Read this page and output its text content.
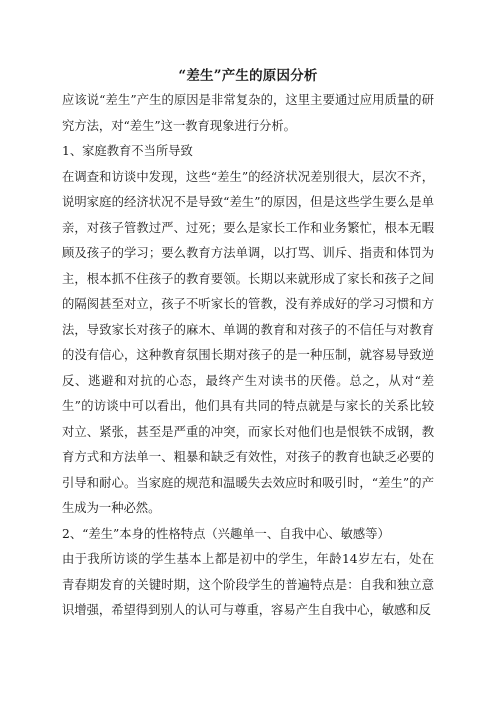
“差生”产生的原因分析

应该说“差生”产生的原因是非常复杂的，这里主要通过应用质量的研究方法，对“差生”这一教育现象进行分析。

1、家庭教育不当所导致

在调查和访谈中发现，这些“差生”的经济状况差别很大，层次不齐，说明家庭的经济状况不是导致“差生”的原因，但是这些学生要么是单亲，对孩子管教过严、过死；要么是家长工作和业务繁忙，根本无暇顾及孩子的学习；要么教育方法单调，以打骂、训斥、指责和体罚为主，根本抓不住孩子的教育要领。长期以来就形成了家长和孩子之间的隔阂甚至对立，孩子不听家长的管教，没有养成好的学习习惯和方法，导致家长对孩子的麻木、单调的教育和对孩子的不信任与对教育的没有信心，这种教育氛围长期对孩子的是一种压制，就容易导致逆反、逃避和对抗的心态，最终产生对读书的厌倦。总之，从对“差生”的访谈中可以看出，他们具有共同的特点就是与家长的关系比较对立、紧张，甚至是严重的冲突，而家长对他们也是恨铁不成钢，教育方式和方法单一、粗暴和缺乏有效性，对孩子的教育也缺乏必要的引导和耐心。当家庭的规范和温暖失去效应时和吸引时，“差生”的产生成为一种必然。

2、“差生”本身的性格特点（兴趣单一、自我中心、敏感等）

由于我所访谈的学生基本上都是初中的学生，年龄14岁左右，处在青春期发育的关键时期，这个阶段学生的普遍特点是：自我和独立意识增强，希望得到别人的认可与尊重，容易产生自我中心，敏感和反
